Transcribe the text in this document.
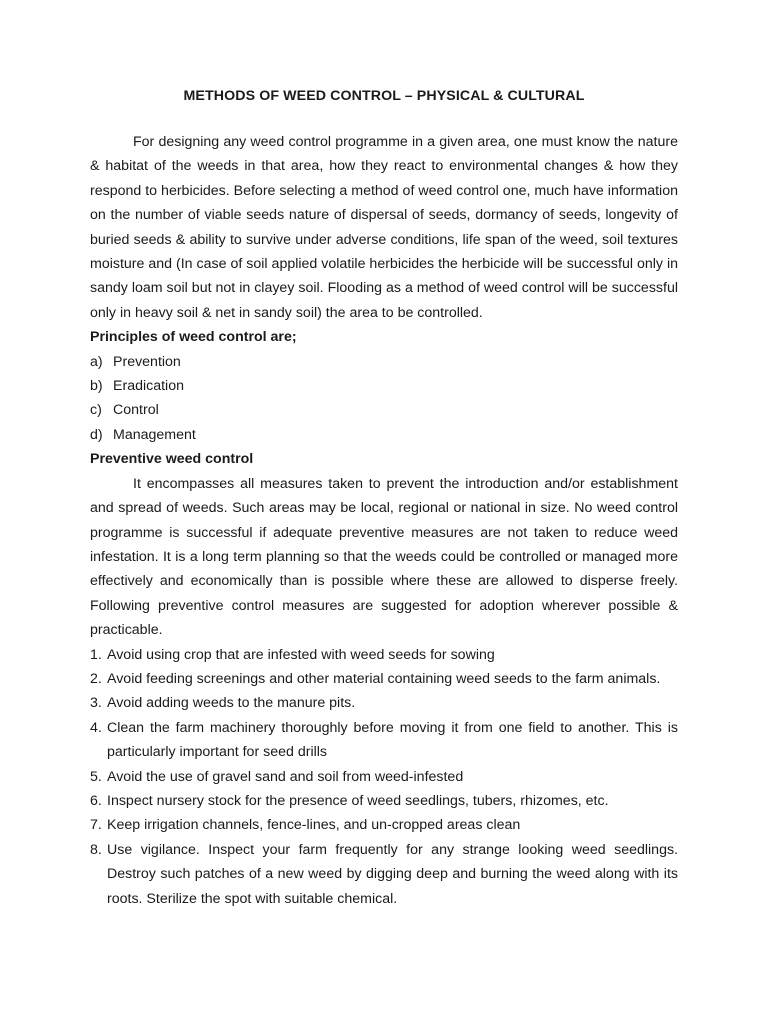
METHODS OF WEED CONTROL – PHYSICAL & CULTURAL

For designing any weed control programme in a given area, one must know the nature & habitat of the weeds in that area, how they react to environmental changes & how they respond to herbicides. Before selecting a method of weed control one, much have information on the number of viable seeds nature of dispersal of seeds, dormancy of seeds, longevity of buried seeds & ability to survive under adverse conditions, life span of the weed, soil textures moisture and (In case of soil applied volatile herbicides the herbicide will be successful only in sandy loam soil but not in clayey soil. Flooding as a method of weed control will be successful only in heavy soil & net in sandy soil) the area to be controlled.

Principles of weed control are;
a) Prevention
b) Eradication
c) Control
d) Management
Preventive weed control

It encompasses all measures taken to prevent the introduction and/or establishment and spread of weeds. Such areas may be local, regional or national in size. No weed control programme is successful if adequate preventive measures are not taken to reduce weed infestation. It is a long term planning so that the weeds could be controlled or managed more effectively and economically than is possible where these are allowed to disperse freely. Following preventive control measures are suggested for adoption wherever possible & practicable.

1. Avoid using crop that are infested with weed seeds for sowing
2. Avoid feeding screenings and other material containing weed seeds to the farm animals.
3. Avoid adding weeds to the manure pits.
4. Clean the farm machinery thoroughly before moving it from one field to another. This is particularly important for seed drills
5. Avoid the use of gravel sand and soil from weed-infested
6. Inspect nursery stock for the presence of weed seedlings, tubers, rhizomes, etc.
7. Keep irrigation channels, fence-lines, and un-cropped areas clean
8. Use vigilance. Inspect your farm frequently for any strange looking weed seedlings. Destroy such patches of a new weed by digging deep and burning the weed along with its roots. Sterilize the spot with suitable chemical.
